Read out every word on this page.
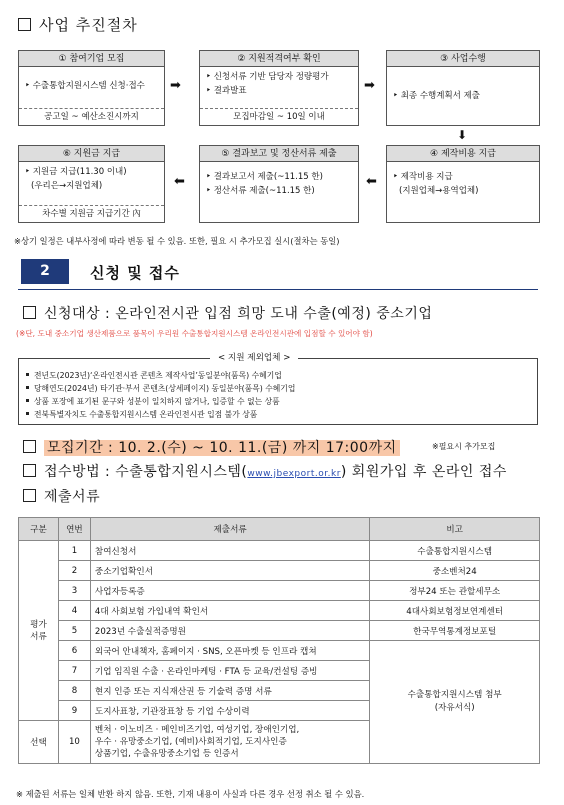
사업 추진절차
① 참여기업 모집
‣ 수출통합지원시스템 신청·접수
공고일 ~ 예산소진시까지
➡
② 지원적격여부 확인
‣ 신청서류 기반 담당자 정량평가
‣ 결과발표
모집마감일 ~ 10일 이내
➡
③ 사업수행
‣ 최종 수행계획서 제출
⬇
⑥ 지원금 지급
‣ 지원금 지급(11.30 이내)
(우리은→지원업체)
차수별 지원금 지급기간 內
⬅
⑤ 결과보고 및 정산서류 제출
‣ 결과보고서 제출(~11.15 한)
‣ 정산서류 제출(~11.15 한)
⬅
④ 제작비용 지급
‣ 제작비용 지급
(지원업체→용역업체)
※상기 일정은 내부사정에 따라 변동 될 수 있음. 또한, 필요 시 추가모집 실시(절차는 동일)
2	신청 및 접수
신청대상 : 온라인전시관 입점 희망 도내 수출(예정) 중소기업
(※단, 도내 중소기업 생산제품으로 품목이 우리원 수출통합지원시스템 온라인전시관에 입점할 수 있어야 함)
< 지원 제외업체 >
전년도(2023년)‘온라인전시관 콘텐츠 제작사업’동일분야(품목) 수혜기업
당해연도(2024년) 타기관·부서 콘텐츠(상세페이지) 동일분야(품목) 수혜기업
상품 포장에 표기된 문구와 성분이 일치하지 않거나, 입증할 수 없는 상품
전북특별자치도 수출통합지원시스템 온라인전시관 입점 불가 상품
모집기간 : 10. 2.(수) ~ 10. 11.(금) 까지 17:00까지	※필요시 추가모집
접수방법 : 수출통합지원시스템(www.jbexport.or.kr) 회원가입 후 온라인 접수
제출서류
구분	연번	제출서류	비고
평가
서류	1	참여신청서	수출통합지원시스템
	2	중소기업확인서	중소벤처24
	3	사업자등록증	정부24 또는 관할세무소
	4	4대 사회보험 가입내역 확인서	4대사회보험정보연계센터
	5	2023년 수출실적증명원	한국무역통계정보포털
	6	외국어 안내책자, 홈페이지 · SNS, 오픈마켓 등 인프라 캡쳐	수출통합지원시스템 첨부
(자유서식)
	7	기업 임직원 수출 · 온라인마케팅 · FTA 등 교육/컨설팅 증빙	
	8	현지 인증 또는 지식재산권 등 기술력 증명 서류	
	9	도지사표창, 기관장표창 등 기업 수상이력	
선택	10	벤처 · 이노비즈 · 메인비즈기업, 여성기업, 장애인기업,
우수 · 유망중소기업, (예비)사회적기업, 도지사인증
상품기업, 수출유망중소기업 등 인증서	
※ 제출된 서류는 일체 반환 하지 않음. 또한, 기재 내용이 사실과 다른 경우 선정 취소 될 수 있음.
